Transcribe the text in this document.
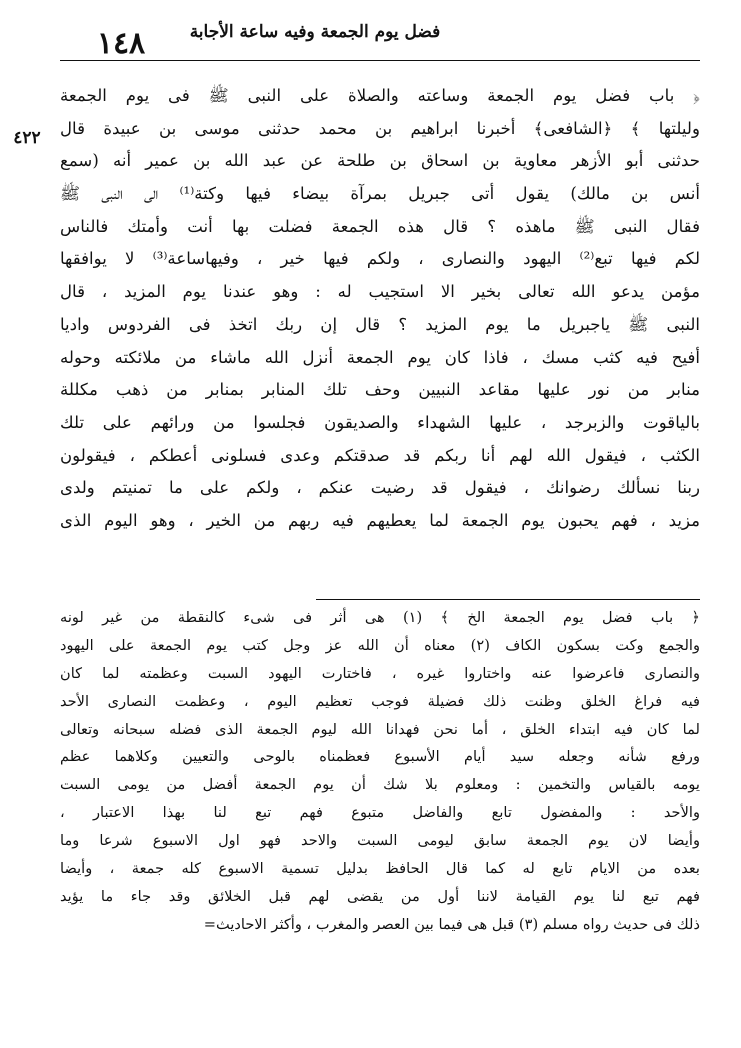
فضل يوم الجمعة وفيه ساعة الأجابة
١٤٨
٤٢٢
﴿ باب فضل يوم الجمعة وساعته والصلاة على النبى ﷺ فى يوم الجمعة
وليلتها ﴾ ﴿الشافعى﴾ أخبرنا ابراهيم بن محمد حدثنى موسى بن عبيدة قال
حدثنى أبو الأزهر معاوية بن اسحاق بن طلحة عن عبد الله بن عمير أنه (سمع
أنس بن مالك) يقول أتى جبريل بمرآة بيضاء فيها وكتة⁽¹⁾ الى النبى ﷺ
فقال النبى ﷺ ماهذه ؟ قال هذه الجمعة فضلت بها أنت وأمتك فالناس
لكم فيها تبع⁽²⁾ اليهود والنصارى ، ولكم فيها خير ، وفيهاساعة⁽³⁾ لا يوافقها
مؤمن يدعو الله تعالى بخير الا استجيب له : وهو عندنا يوم المزيد ، قال
النبى ﷺ ياجبريل ما يوم المزيد ؟ قال إن ربك اتخذ فى الفردوس واديا
أفيح فيه كثب مسك ، فاذا كان يوم الجمعة أنزل الله ماشاء من ملائكته وحوله
منابر من نور عليها مقاعد النبيين وحف تلك المنابر بمنابر من ذهب مكللة
بالياقوت والزبرجد ، عليها الشهداء والصديقون فجلسوا من ورائهم على تلك
الكثب ، فيقول الله لهم أنا ربكم قد صدقتكم وعدى فسلونى أعطكم ، فيقولون
ربنا نسألك رضوانك ، فيقول قد رضيت عنكم ، ولكم على ما تمنيتم ولدى
مزيد ، فهم يحبون يوم الجمعة لما يعطيهم فيه ربهم من الخير ، وهو اليوم الذى
﴿ باب فضل يوم الجمعة الخ ﴾ (١) هى أثر فى شىء كالنقطة من غير لونه
والجمع وكت بسكون الكاف (٢) معناه أن الله عز وجل كتب يوم الجمعة على اليهود
والنصارى فاعرضوا عنه واختاروا غيره ، فاختارت اليهود السبت وعظمته لما كان
فيه فراغ الخلق وظنت ذلك فضيلة فوجب تعظيم اليوم ، وعظمت النصارى الأحد
لما كان فيه ابتداء الخلق ، أما نحن فهدانا الله ليوم الجمعة الذى فضله سبحانه وتعالى
ورفع شأنه وجعله سيد أيام الأسبوع فعظمناه بالوحى والتعيين وكلاهما عظم
يومه بالقياس والتخمين : ومعلوم بلا شك أن يوم الجمعة أفضل من يومى السبت
والأحد : والمفضول تابع والفاضل متبوع فهم تبع لنا بهذا الاعتبار ،
وأيضا لان يوم الجمعة سابق ليومى السبت والاحد فهو اول الاسبوع شرعا وما
بعده من الايام تابع له كما قال الحافظ بدليل تسمية الاسبوع كله جمعة ، وأيضا
فهم تبع لنا يوم القيامة لاننا أول من يقضى لهم قبل الخلائق وقد جاء ما يؤيد
ذلك فى حديث رواه مسلم (٣) قبل هى فيما بين العصر والمغرب ، وأكثر الاحاديث=
